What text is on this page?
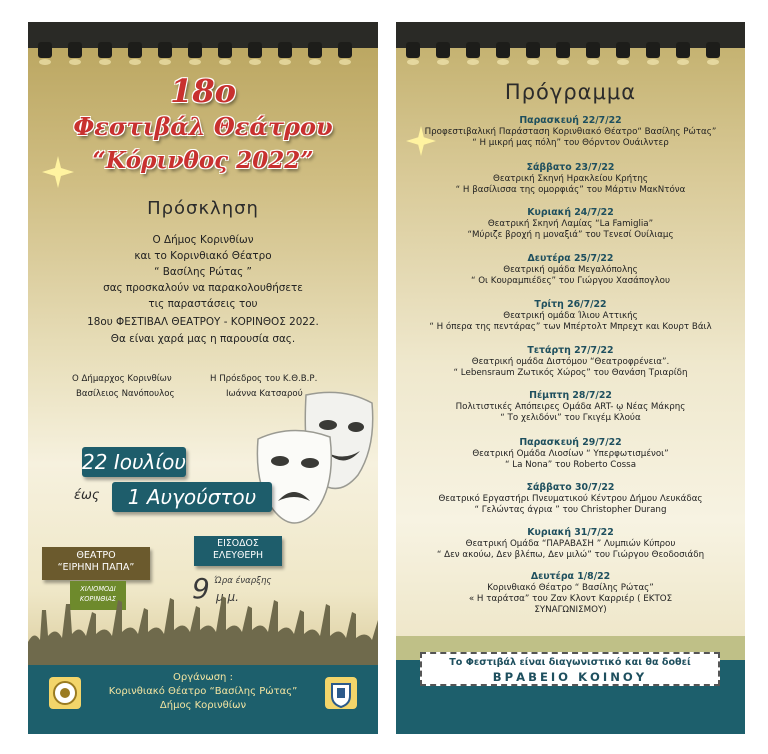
18ο
Φεστιβάλ Θεάτρου
“Κόρινθος 2022”
Πρόσκληση
Ο Δήμος Κορινθίων
και το Κορινθιακό Θέατρο
“ Βασίλης Ρώτας ”
σας προσκαλούν να παρακολουθήσετε
τις παραστάσεις του
18ου ΦΕΣΤΙΒΑΛ ΘΕΑΤΡΟΥ - ΚΟΡΙΝΘΟΣ 2022.
Θα είναι χαρά μας η παρουσία σας.
Ο Δήμαρχος Κορινθίων
Βασίλειος Νανόπουλος
Η Πρόεδρος του Κ.Θ.Β.Ρ.
Ιωάννα Κατσαρού
22 Ιουλίου
έως	1 Αυγούστου
ΕΙΣΟΔΟΣ
ΕΛΕΥΘΕΡΗ
ΘΕΑΤΡΟ
“ΕΙΡΗΝΗ ΠΑΠΑ”
ΧΙΛΙΟΜΟΔΙ
ΚΟΡΙΝΘΙΑΣ	9 Ώρα έναρξης
μ.μ.
Οργάνωση :
Κορινθιακό Θέατρο “Βασίλης Ρώτας”
Δήμος Κορινθίων
Πρόγραμμα
Παρασκευή 22/7/22
Προφεστιβαλική Παράσταση Κορινθιακό Θέατρο“ Βασίλης Ρώτας”
“ Η μικρή μας πόλη” του Θόρντον Ουάιλντερ
Σάββατο 23/7/22
Θεατρική Σκηνή Ηρακλείου Κρήτης
“ Η βασίλισσα της ομορφιάς” του Μάρτιν ΜακΝτόνα
Κυριακή 24/7/22
Θεατρική Σκηνή Λαμίας “La Famiglia”
“Μύριζε βροχή η μοναξιά” του Τενεσί Ουίλιαμς
Δευτέρα 25/7/22
Θεατρική ομάδα Μεγαλόπολης
“ Οι Κουραμπιέδες” του Γιώργου Χασάπογλου
Τρίτη 26/7/22
Θεατρική ομάδα Ίλιου Αττικής
“ Η όπερα της πεντάρας” των Μπέρτολτ Μπρεχτ και Κουρτ Βάιλ
Τετάρτη 27/7/22
Θεατρική ομάδα Διστόμου “Θεατροφρένεια”.
“ Lebensraum Ζωτικός Χώρος” του Θανάση Τριαρίδη
Πέμπτη 28/7/22
Πολιτιστικές Απόπειρες Ομάδα ART- ῳ Νέας Μάκρης
“ Το χελιδόνι” του Γκιγέμ Κλούα
Παρασκευή 29/7/22
Θεατρική Ομάδα Λιοσίων “ Υπερφωτισμένοι”
“ La Nona” του Roberto Cossa
Σάββατο 30/7/22
Θεατρικό Εργαστήρι Πνευματικού Κέντρου Δήμου Λευκάδας
“ Γελώντας άγρια ” του Christopher Durang
Κυριακή 31/7/22
Θεατρική Ομάδα “ΠΑΡΑΒΑΣΗ ” Λυμπιών Κύπρου
“ Δεν ακούω, Δεν βλέπω, Δεν μιλώ” του Γιώργου Θεοδοσιάδη
Δευτέρα 1/8/22
Κορινθιακό Θέατρο “ Βασίλης Ρώτας”
« Η ταράτσα” του Ζαν Κλοντ Καρριέρ ( ΕΚΤΟΣ
ΣΥΝΑΓΩΝΙΣΜΟΥ)
Το Φεστιβάλ είναι διαγωνιστικό και θα δοθεί
ΒΡΑΒΕΙΟ ΚΟΙΝΟΥ
